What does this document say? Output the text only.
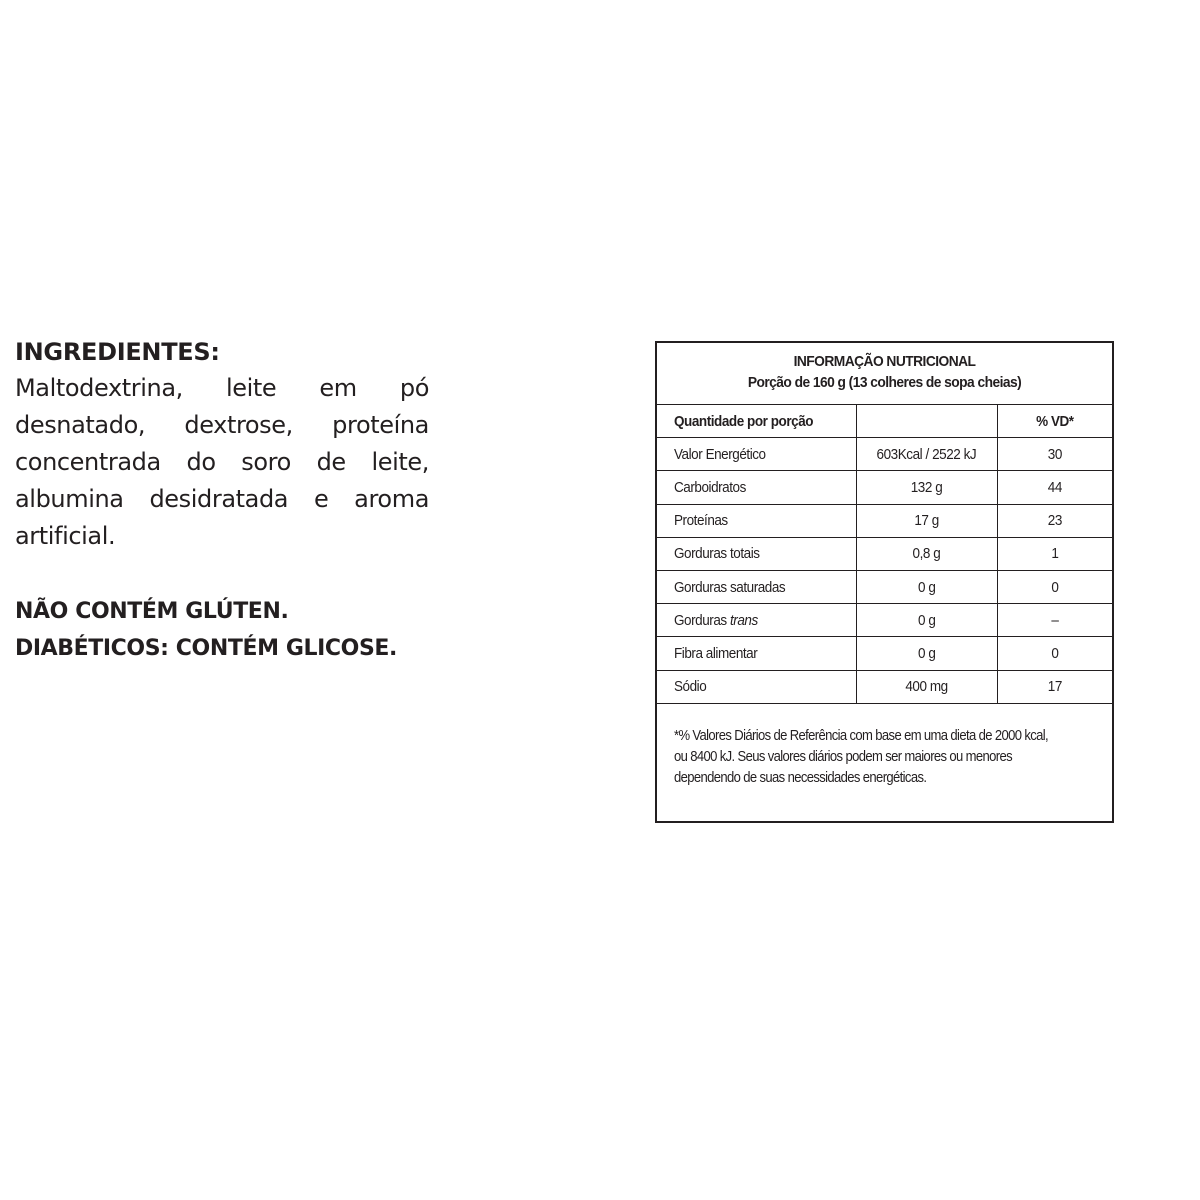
INGREDIENTES:

Maltodextrina, leite em pó desnatado, dextrose, proteína concentrada do soro de leite, albumina desidratada e aroma artificial.

NÃO CONTÉM GLÚTEN.

DIABÉTICOS: CONTÉM GLICOSE.

INFORMAÇÃO NUTRICIONAL
Porção de 160 g (13 colheres de sopa cheias)
Quantidade por porção		% VD*
Valor Energético	603Kcal / 2522 kJ	30
Carboidratos	132 g	44
Proteínas	17 g	23
Gorduras totais	0,8 g	1
Gorduras saturadas	0 g	0
Gorduras trans	0 g	–
Fibra alimentar	0 g	0
Sódio	400 mg	17
*% Valores Diários de Referência com base em uma dieta de 2000 kcal,
ou 8400 kJ. Seus valores diários podem ser maiores ou menores
dependendo de suas necessidades energéticas.
